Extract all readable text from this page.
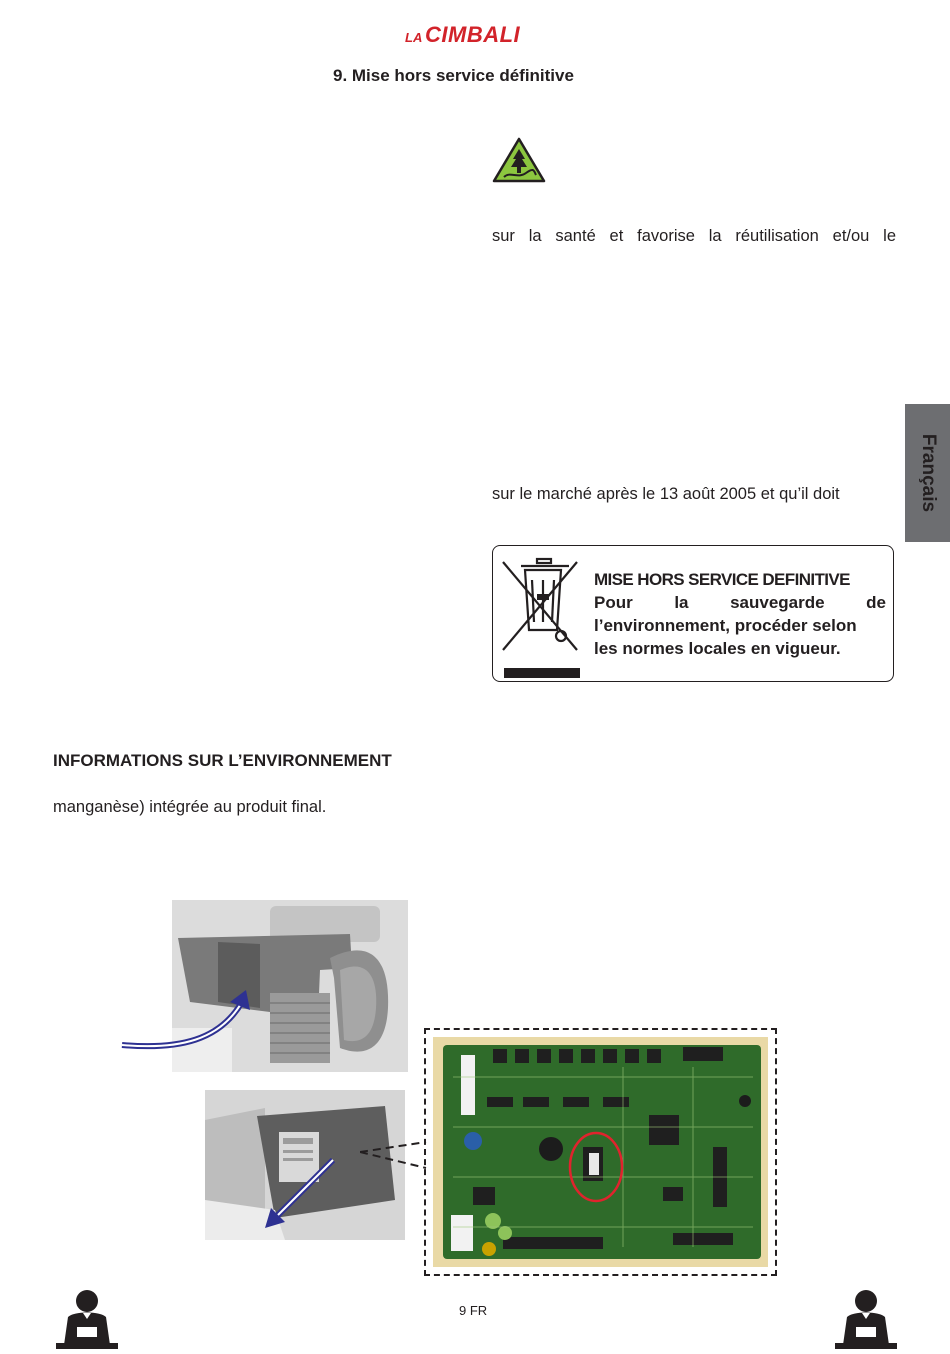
LA CIMBALI
9. Mise hors service définitive
sur la santé et favorise la réutilisation et/ou le
sur le marché après le 13 août 2005 et qu’il doit
MISE HORS SERVICE DEFINITIVE
Pour la sauvegarde de
l’environnement, procéder selon
les normes locales en vigueur.
INFORMATIONS SUR L’ENVIRONNEMENT
manganèse) intégrée au produit final.
Français
9 FR
